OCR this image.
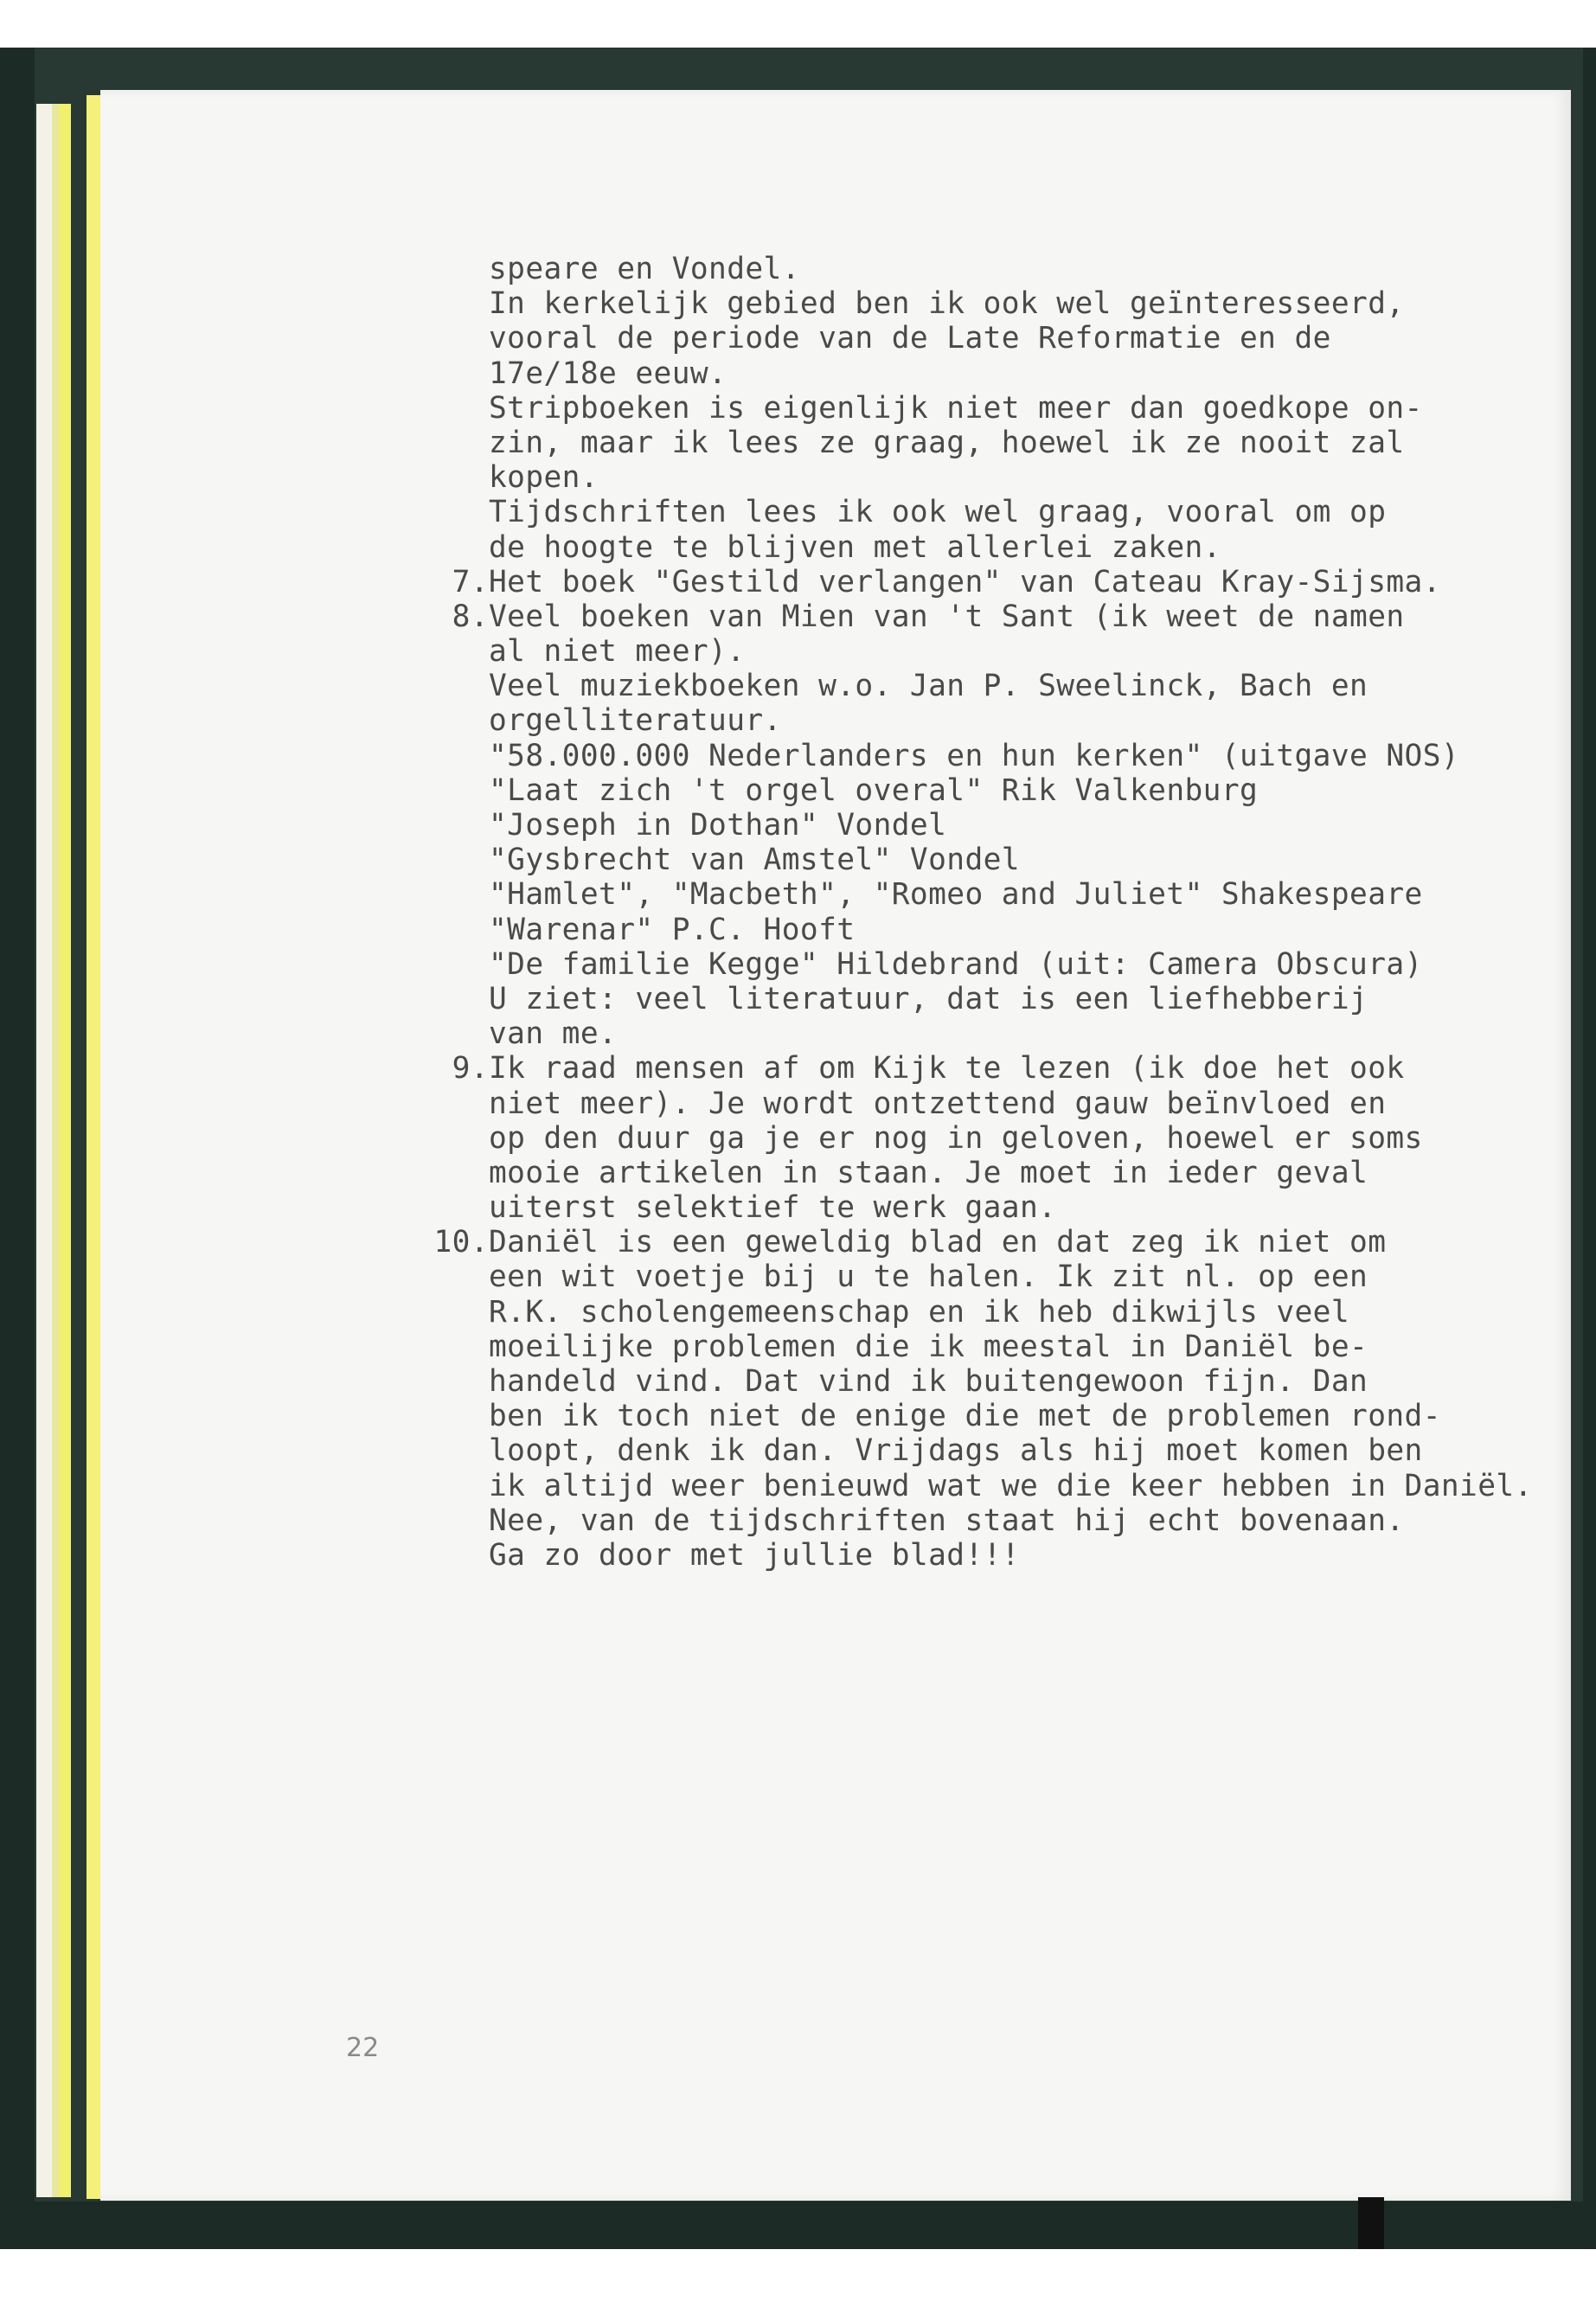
speare en Vondel.
In kerkelijk gebied ben ik ook wel geïnteresseerd,
vooral de periode van de Late Reformatie en de
17e/18e eeuw.
Stripboeken is eigenlijk niet meer dan goedkope on-
zin, maar ik lees ze graag, hoewel ik ze nooit zal
kopen.
Tijdschriften lees ik ook wel graag, vooral om op
de hoogte te blijven met allerlei zaken.
7.Het boek "Gestild verlangen" van Cateau Kray-Sijsma.
8.Veel boeken van Mien van 't Sant (ik weet de namen
al niet meer).
Veel muziekboeken w.o. Jan P. Sweelinck, Bach en
orgelliteratuur.
"58.000.000 Nederlanders en hun kerken" (uitgave NOS)
"Laat zich 't orgel overal" Rik Valkenburg
"Joseph in Dothan" Vondel
"Gysbrecht van Amstel" Vondel
"Hamlet", "Macbeth", "Romeo and Juliet" Shakespeare
"Warenar" P.C. Hooft
"De familie Kegge" Hildebrand (uit: Camera Obscura)
U ziet: veel literatuur, dat is een liefhebberij
van me.
9.Ik raad mensen af om Kijk te lezen (ik doe het ook
niet meer). Je wordt ontzettend gauw beïnvloed en
op den duur ga je er nog in geloven, hoewel er soms
mooie artikelen in staan. Je moet in ieder geval
uiterst selektief te werk gaan.
10.Daniël is een geweldig blad en dat zeg ik niet om
een wit voetje bij u te halen. Ik zit nl. op een
R.K. scholengemeenschap en ik heb dikwijls veel
moeilijke problemen die ik meestal in Daniël be-
handeld vind. Dat vind ik buitengewoon fijn. Dan
ben ik toch niet de enige die met de problemen rond-
loopt, denk ik dan. Vrijdags als hij moet komen ben
ik altijd weer benieuwd wat we die keer hebben in Daniël.
Nee, van de tijdschriften staat hij echt bovenaan.
Ga zo door met jullie blad!!!
22
